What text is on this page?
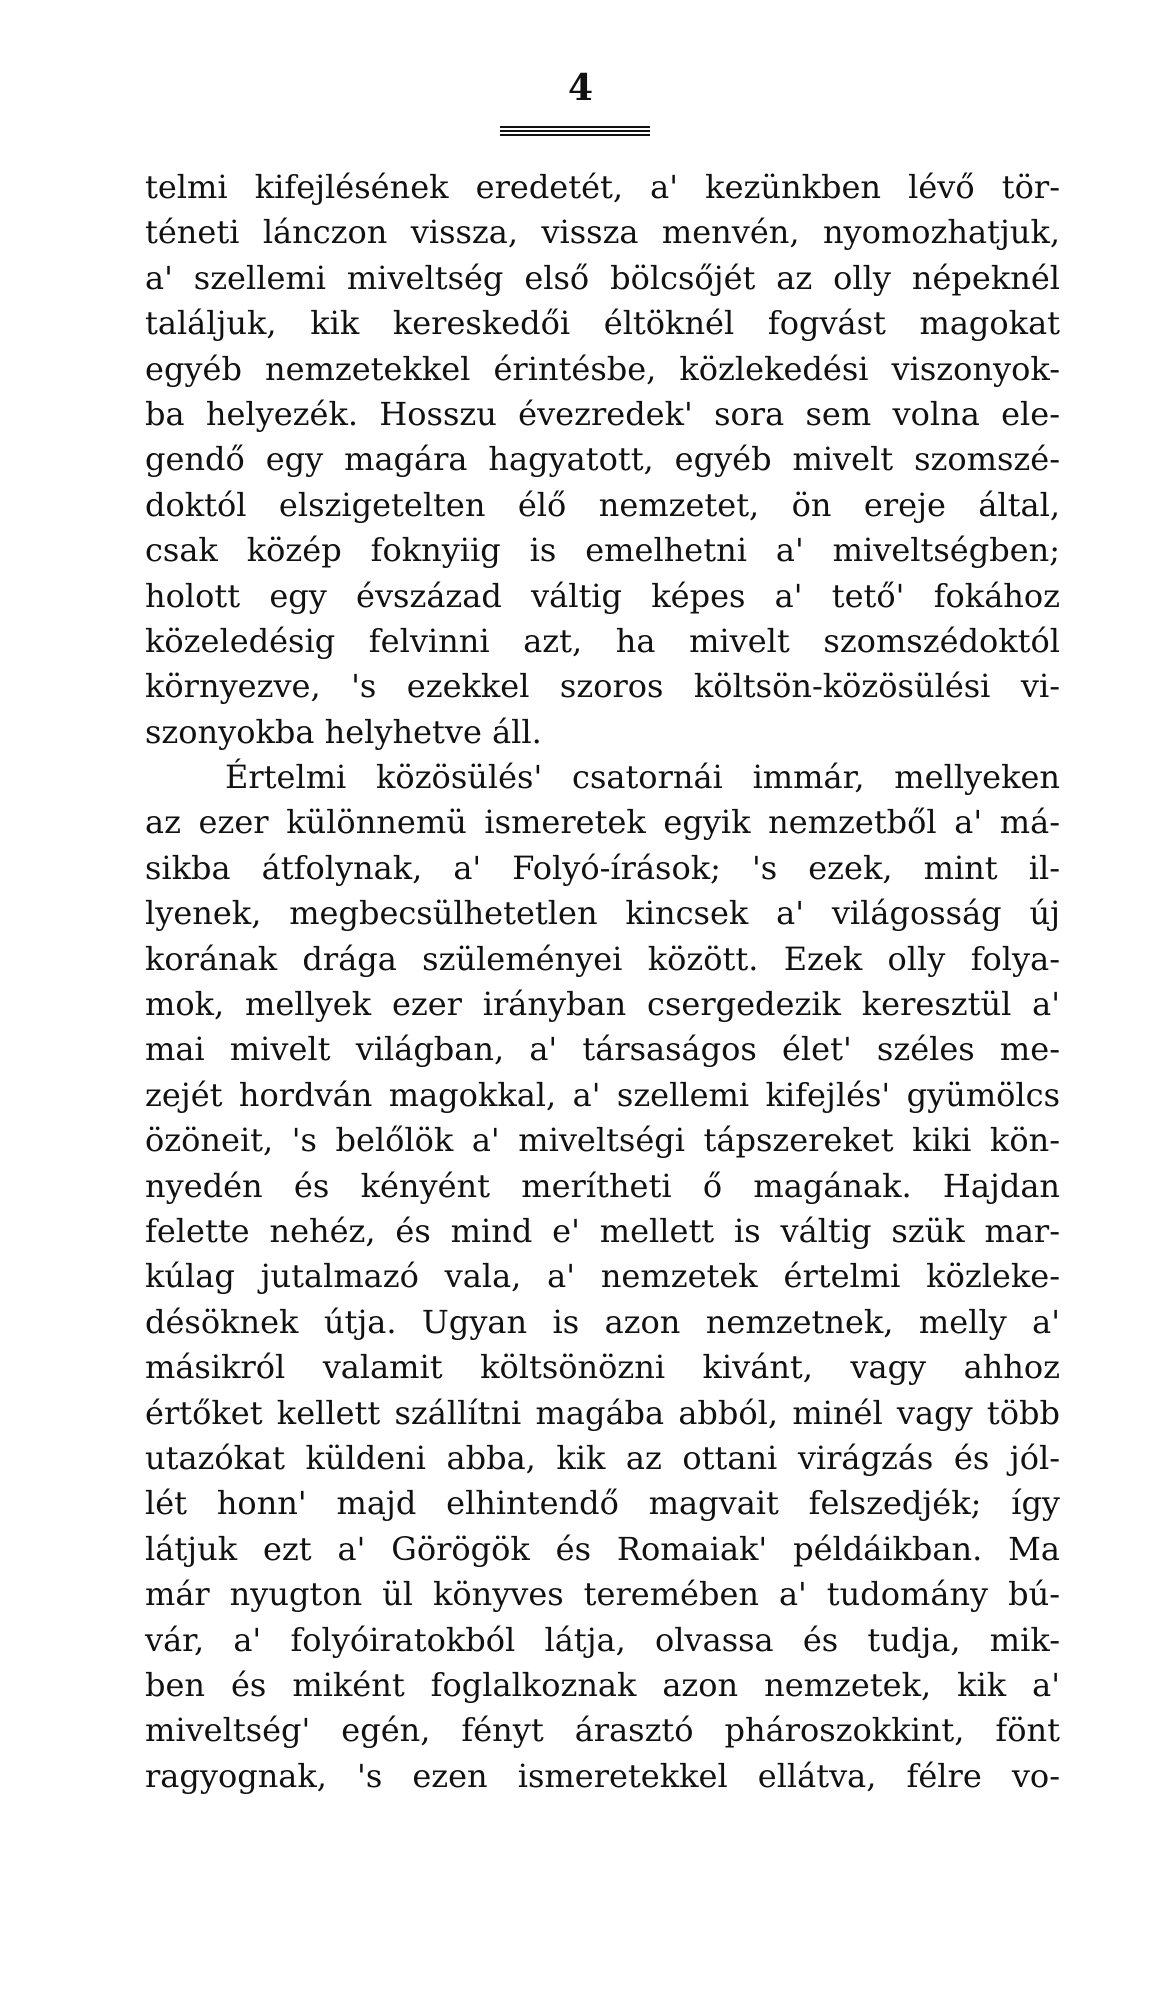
4
telmi kifejlésének eredetét, a' kezünkben lévő tör-
téneti lánczon vissza, vissza menvén, nyomozhatjuk,
a' szellemi miveltség első bölcsőjét az olly népeknél
találjuk, kik kereskedői éltöknél fogvást magokat
egyéb nemzetekkel érintésbe, közlekedési viszonyok-
ba helyezék. Hosszu évezredek' sora sem volna ele-
gendő egy magára hagyatott, egyéb mivelt szomszé-
doktól elszigetelten élő nemzetet, ön ereje által,
csak közép foknyiig is emelhetni a' miveltségben;
holott egy évszázad váltig képes a' tető' fokához
közeledésig felvinni azt, ha mivelt szomszédoktól
környezve, 's ezekkel szoros költsön-közösülési vi-
szonyokba helyhetve áll.
Értelmi közösülés' csatornái immár, mellyeken
az ezer különnemü ismeretek egyik nemzetből a' má-
sikba átfolynak, a' Folyó-írások; 's ezek, mint il-
lyenek, megbecsülhetetlen kincsek a' világosság új
korának drága szüleményei között. Ezek olly folya-
mok, mellyek ezer irányban csergedezik keresztül a'
mai mivelt világban, a' társaságos élet' széles me-
zejét hordván magokkal, a' szellemi kifejlés' gyümölcs
özöneit, 's belőlök a' miveltségi tápszereket kiki kön-
nyedén és kényént merítheti ő magának. Hajdan
felette nehéz, és mind e' mellett is váltig szük mar-
kúlag jutalmazó vala, a' nemzetek értelmi közleke-
désöknek útja. Ugyan is azon nemzetnek, melly a'
másikról valamit költsönözni kivánt, vagy ahhoz
értőket kellett szállítni magába abból, minél vagy több
utazókat küldeni abba, kik az ottani virágzás és jól-
lét honn' majd elhintendő magvait felszedjék; így
látjuk ezt a' Görögök és Romaiak' példáikban. Ma
már nyugton ül könyves teremében a' tudomány bú-
vár, a' folyóiratokból látja, olvassa és tudja, mik-
ben és miként foglalkoznak azon nemzetek, kik a'
miveltség' egén, fényt árasztó phároszokkint, fönt
ragyognak, 's ezen ismeretekkel ellátva, félre vo-
